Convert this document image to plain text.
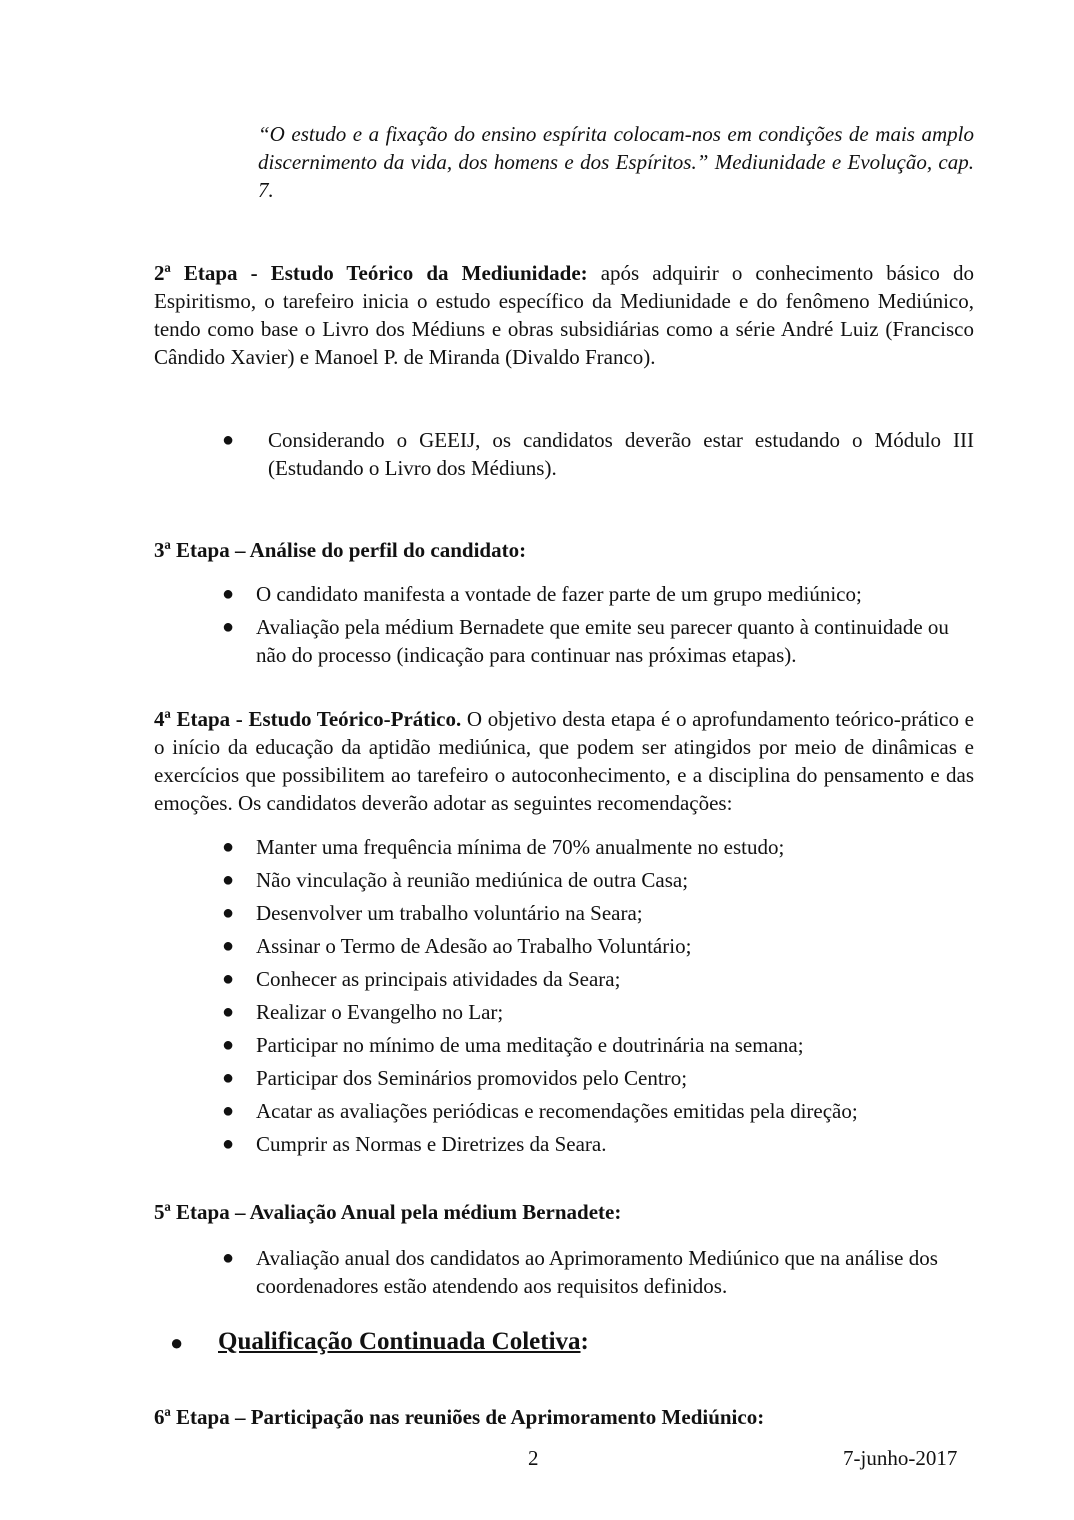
“O estudo e a fixação do ensino espírita colocam-nos em condições de mais amplo discernimento da vida, dos homens e dos Espíritos.” Mediunidade e Evolução, cap. 7.
2ª Etapa - Estudo Teórico da Mediunidade: após adquirir o conhecimento básico do Espiritismo, o tarefeiro inicia o estudo específico da Mediunidade e do fenômeno Mediúnico, tendo como base o Livro dos Médiuns e obras subsidiárias como a série André Luiz (Francisco Cândido Xavier) e Manoel P. de Miranda (Divaldo Franco).
● Considerando o GEEIJ, os candidatos deverão estar estudando o Módulo III (Estudando o Livro dos Médiuns).
3ª Etapa – Análise do perfil do candidato:
● O candidato manifesta a vontade de fazer parte de um grupo mediúnico;
● Avaliação pela médium Bernadete que emite seu parecer quanto à continuidade ou não do processo (indicação para continuar nas próximas etapas).
4ª Etapa - Estudo Teórico-Prático. O objetivo desta etapa é o aprofundamento teórico-prático e o início da educação da aptidão mediúnica, que podem ser atingidos por meio de dinâmicas e exercícios que possibilitem ao tarefeiro o autoconhecimento, e a disciplina do pensamento e das emoções. Os candidatos deverão adotar as seguintes recomendações:
● Manter uma frequência mínima de 70% anualmente no estudo;
● Não vinculação à reunião mediúnica de outra Casa;
● Desenvolver um trabalho voluntário na Seara;
● Assinar o Termo de Adesão ao Trabalho Voluntário;
● Conhecer as principais atividades da Seara;
● Realizar o Evangelho no Lar;
● Participar no mínimo de uma meditação e doutrinária na semana;
● Participar dos Seminários promovidos pelo Centro;
● Acatar as avaliações periódicas e recomendações emitidas pela direção;
● Cumprir as Normas e Diretrizes da Seara.
5ª Etapa – Avaliação Anual pela médium Bernadete:
● Avaliação anual dos candidatos ao Aprimoramento Mediúnico que na análise dos coordenadores estão atendendo aos requisitos definidos.
● Qualificação Continuada Coletiva:
6ª Etapa – Participação nas reuniões de Aprimoramento Mediúnico:
2	7-junho-2017
